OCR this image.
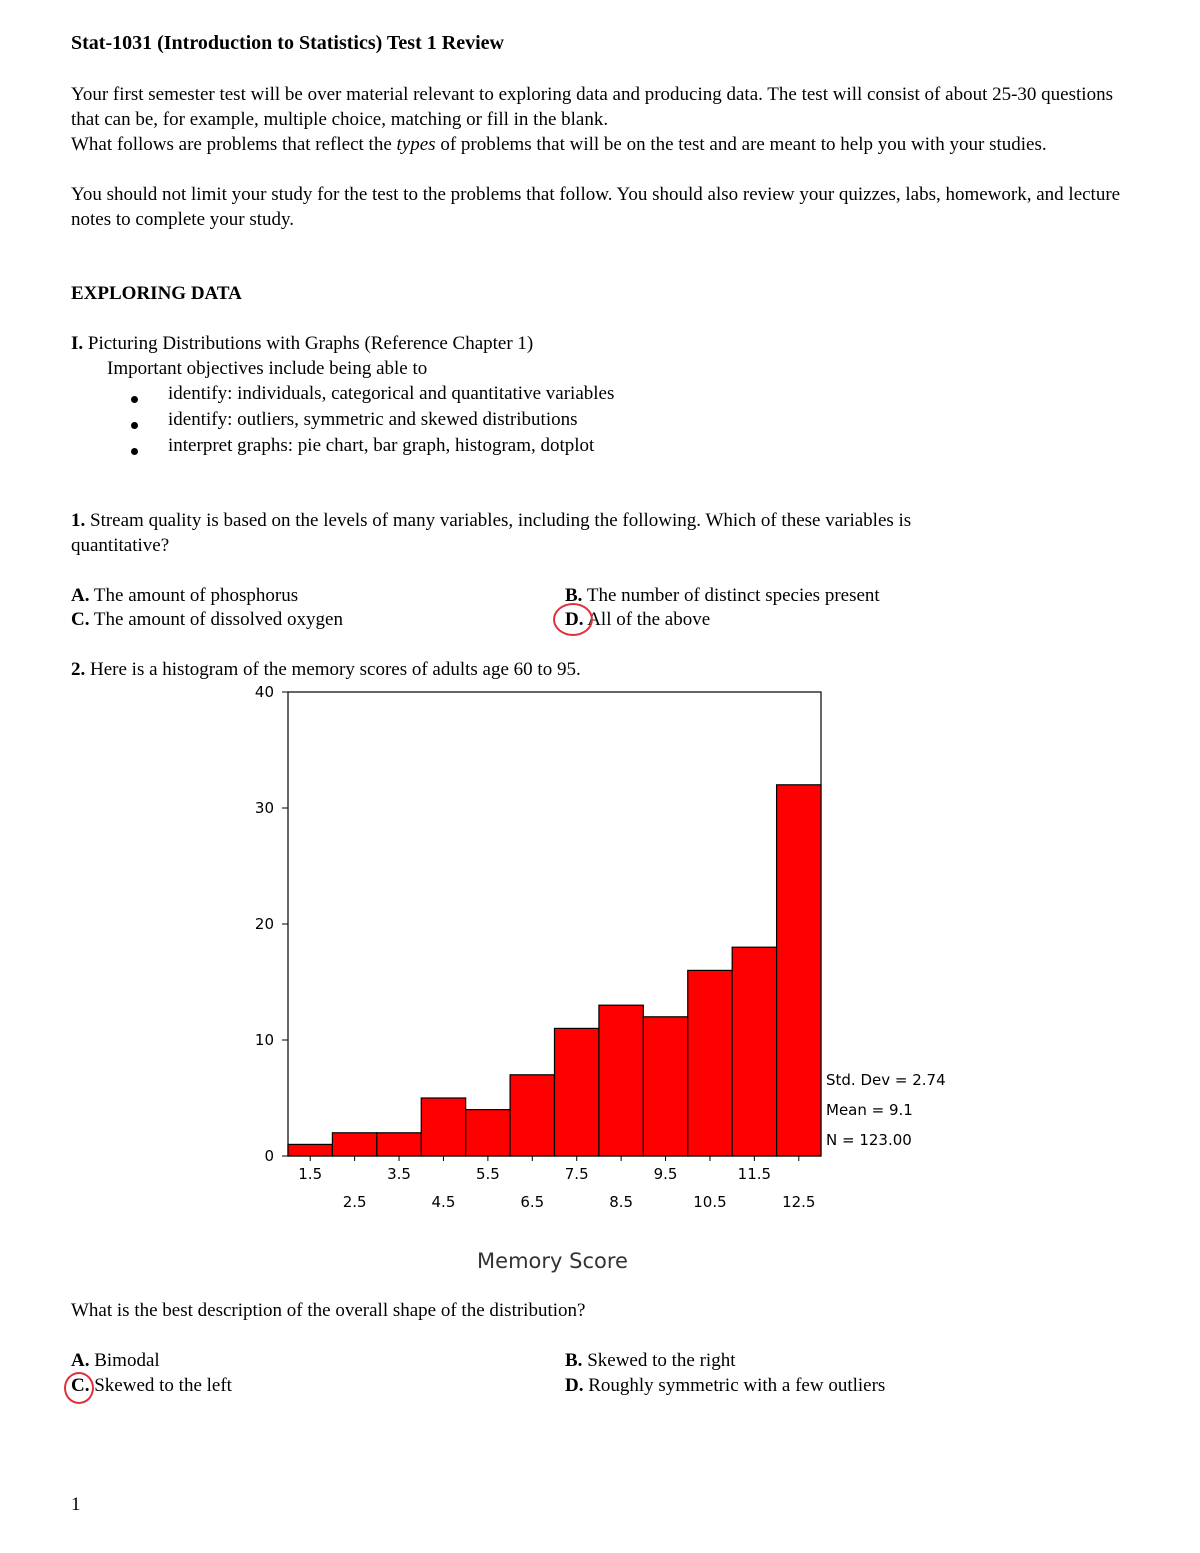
Stat-1031 (Introduction to Statistics) Test 1 Review
Your first semester test will be over material relevant to exploring data and producing data. The test will consist of about 25-30 questions that can be, for example, multiple choice, matching or fill in the blank.
What follows are problems that reflect the types of problems that will be on the test and are meant to help you with your studies.
You should not limit your study for the test to the problems that follow. You should also review your quizzes, labs, homework, and lecture notes to complete your study.
EXPLORING DATA
I. Picturing Distributions with Graphs (Reference Chapter 1)
Important objectives include being able to
identify: individuals, categorical and quantitative variables
identify: outliers, symmetric and skewed distributions
interpret graphs: pie chart, bar graph, histogram, dotplot
1. Stream quality is based on the levels of many variables, including the following. Which of these variables is
quantitative?
A. The amount of phosphorus	B. The number of distinct species present
C. The amount of dissolved oxygen	D. All of the above
2. Here is a histogram of the memory scores of adults age 60 to 95.
0
10
20
30
40
1.5
2.5
3.5
4.5
5.5
6.5
7.5
8.5
9.5
10.5
11.5
12.5
Memory Score
Std. Dev = 2.74
Mean = 9.1
N = 123.00
What is the best description of the overall shape of the distribution?
A. Bimodal	B. Skewed to the right
C. Skewed to the left	D. Roughly symmetric with a few outliers
1
